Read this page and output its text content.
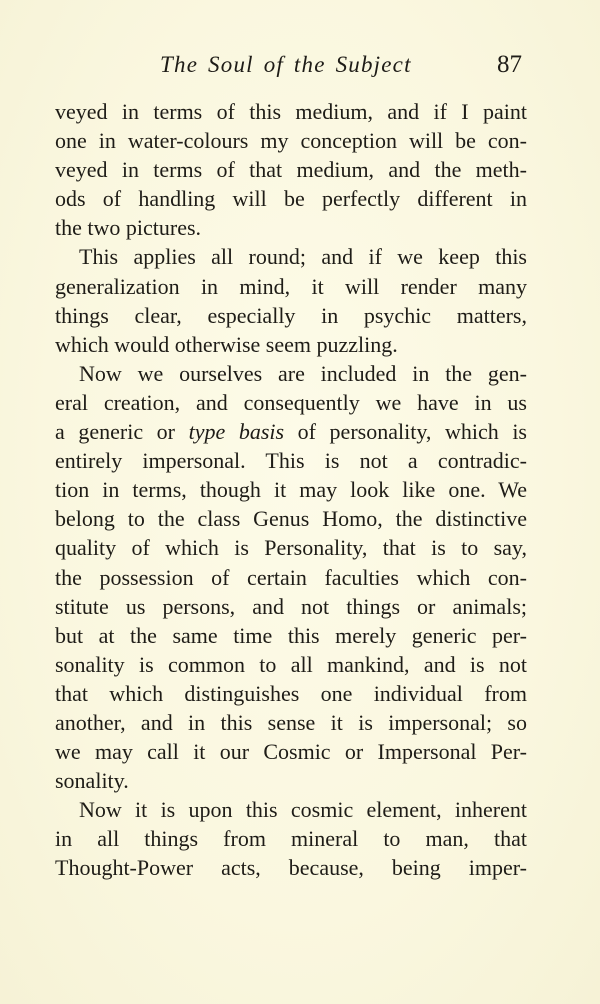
The Soul of the Subject	87
veyed in terms of this medium, and if I paint
one in water-colours my conception will be con-
veyed in terms of that medium, and the meth-
ods of handling will be perfectly different in
the two pictures.
This applies all round; and if we keep this
generalization in mind, it will render many
things clear, especially in psychic matters,
which would otherwise seem puzzling.
Now we ourselves are included in the gen-
eral creation, and consequently we have in us
a generic or type basis of personality, which is
entirely impersonal. This is not a contradic-
tion in terms, though it may look like one. We
belong to the class Genus Homo, the distinctive
quality of which is Personality, that is to say,
the possession of certain faculties which con-
stitute us persons, and not things or animals;
but at the same time this merely generic per-
sonality is common to all mankind, and is not
that which distinguishes one individual from
another, and in this sense it is impersonal; so
we may call it our Cosmic or Impersonal Per-
sonality.
Now it is upon this cosmic element, inherent
in all things from mineral to man, that
Thought-Power acts, because, being imper-
